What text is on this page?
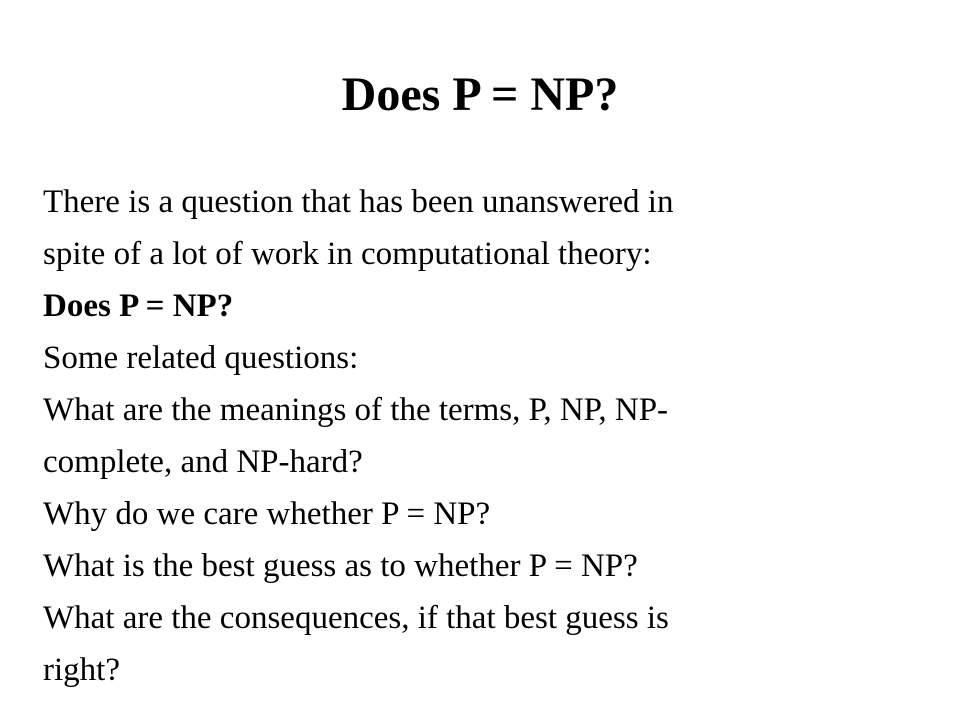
Does P = NP?
There is a question that has been unanswered in
spite of a lot of work in computational theory:
Does P = NP?
Some related questions:
What are the meanings of the terms, P, NP, NP-
complete, and NP-hard?
Why do we care whether P = NP?
What is the best guess as to whether P = NP?
What are the consequences, if that best guess is
right?
